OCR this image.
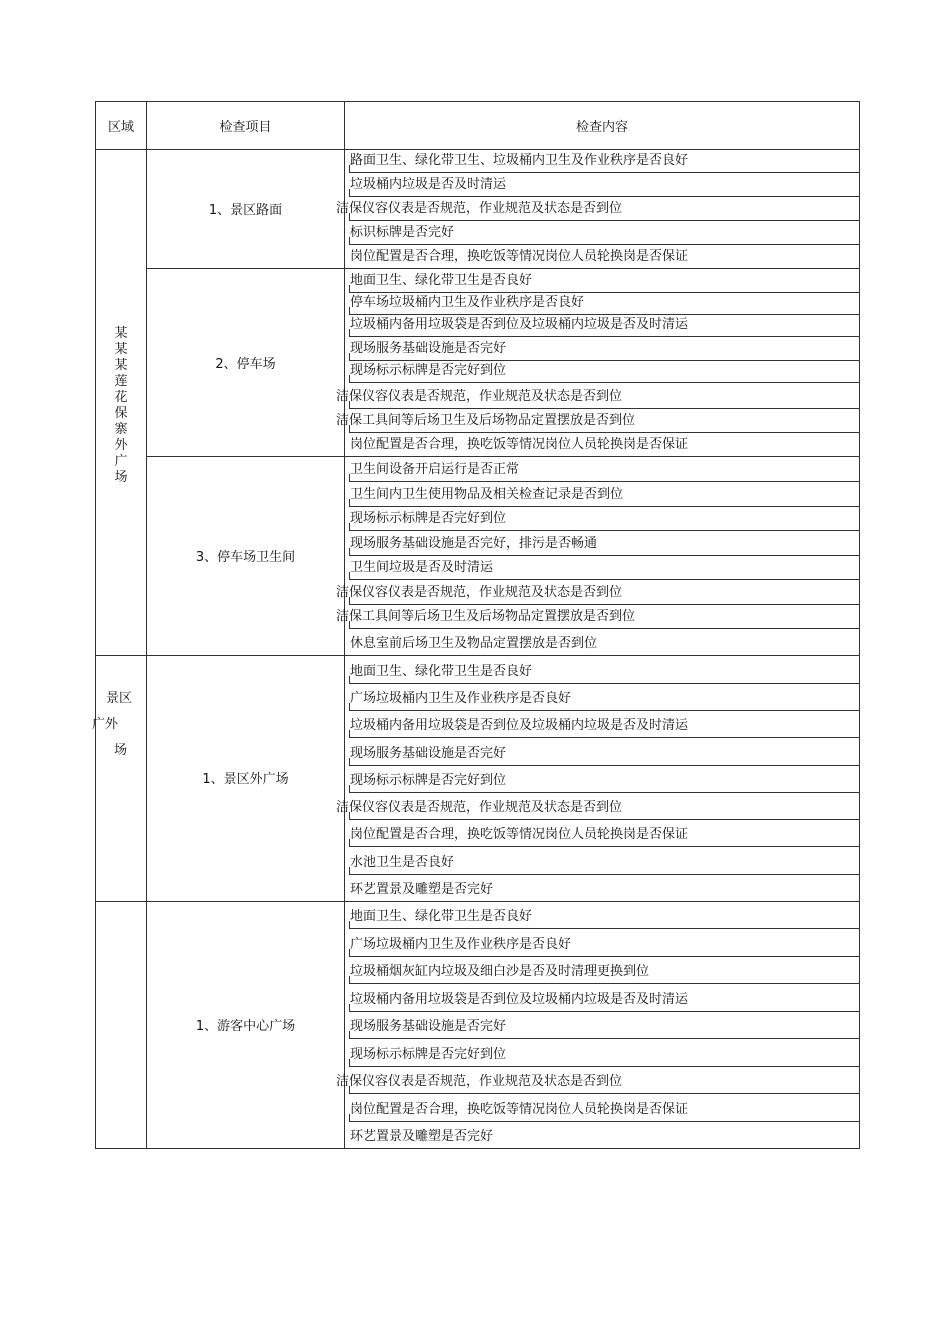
区域	检查项目	检查内容
路面卫生、绿化带卫生、垃圾桶内卫生及作业秩序是否良好
垃圾桶内垃圾是否及时清运
洁保仪容仪表是否规范，作业规范及状态是否到位
标识标牌是否完好
岗位配置是否合理，换吃饭等情况岗位人员轮换岗是否保证
1、景区路面
地面卫生、绿化带卫生是否良好
停车场垃圾桶内卫生及作业秩序是否良好
垃圾桶内备用垃圾袋是否到位及垃圾桶内垃圾是否及时清运
现场服务基础设施是否完好
现场标示标牌是否完好到位
洁保仪容仪表是否规范，作业规范及状态是否到位
洁保工具间等后场卫生及后场物品定置摆放是否到位
岗位配置是否合理，换吃饭等情况岗位人员轮换岗是否保证
2、停车场
卫生间设备开启运行是否正常
卫生间内卫生使用物品及相关检查记录是否到位
现场标示标牌是否完好到位
现场服务基础设施是否完好，排污是否畅通
卫生间垃圾是否及时清运
洁保仪容仪表是否规范，作业规范及状态是否到位
洁保工具间等后场卫生及后场物品定置摆放是否到位
休息室前后场卫生及物品定置摆放是否到位
3、停车场卫生间
地面卫生、绿化带卫生是否良好
广场垃圾桶内卫生及作业秩序是否良好
垃圾桶内备用垃圾袋是否到位及垃圾桶内垃圾是否及时清运
现场服务基础设施是否完好
现场标示标牌是否完好到位
洁保仪容仪表是否规范，作业规范及状态是否到位
岗位配置是否合理，换吃饭等情况岗位人员轮换岗是否保证
水池卫生是否良好
环艺置景及雕塑是否完好
1、景区外广场
地面卫生、绿化带卫生是否良好
广场垃圾桶内卫生及作业秩序是否良好
垃圾桶烟灰缸内垃圾及细白沙是否及时清理更换到位
垃圾桶内备用垃圾袋是否到位及垃圾桶内垃圾是否及时清运
现场服务基础设施是否完好
现场标示标牌是否完好到位
洁保仪容仪表是否规范，作业规范及状态是否到位
岗位配置是否合理，换吃饭等情况岗位人员轮换岗是否保证
环艺置景及雕塑是否完好
1、游客中心广场
某
某
某
莲
花
保
寨
外
广
场
景区
广外
场
